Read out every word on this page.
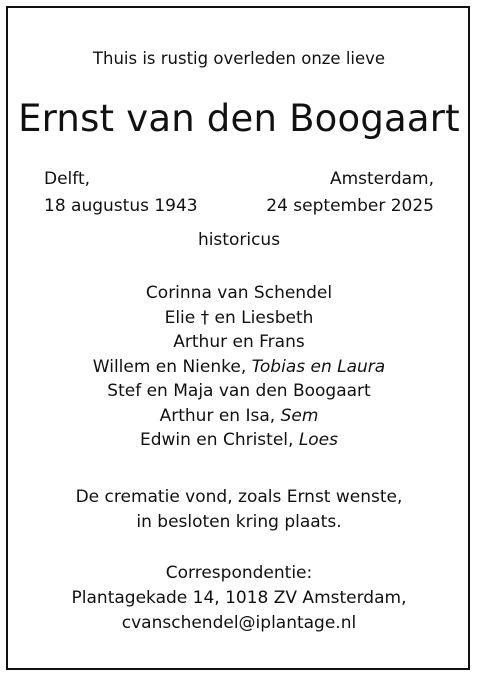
Thuis is rustig overleden onze lieve
Ernst van den Boogaart
Delft,
18 augustus 1943
Amsterdam,
24 september 2025
historicus
Corinna van Schendel
Elie † en Liesbeth
Arthur en Frans
Willem en Nienke, Tobias en Laura
Stef en Maja van den Boogaart
Arthur en Isa, Sem
Edwin en Christel, Loes
De crematie vond, zoals Ernst wenste,
in besloten kring plaats.
Correspondentie:
Plantagekade 14, 1018 ZV Amsterdam,
cvanschendel@iplantage.nl
